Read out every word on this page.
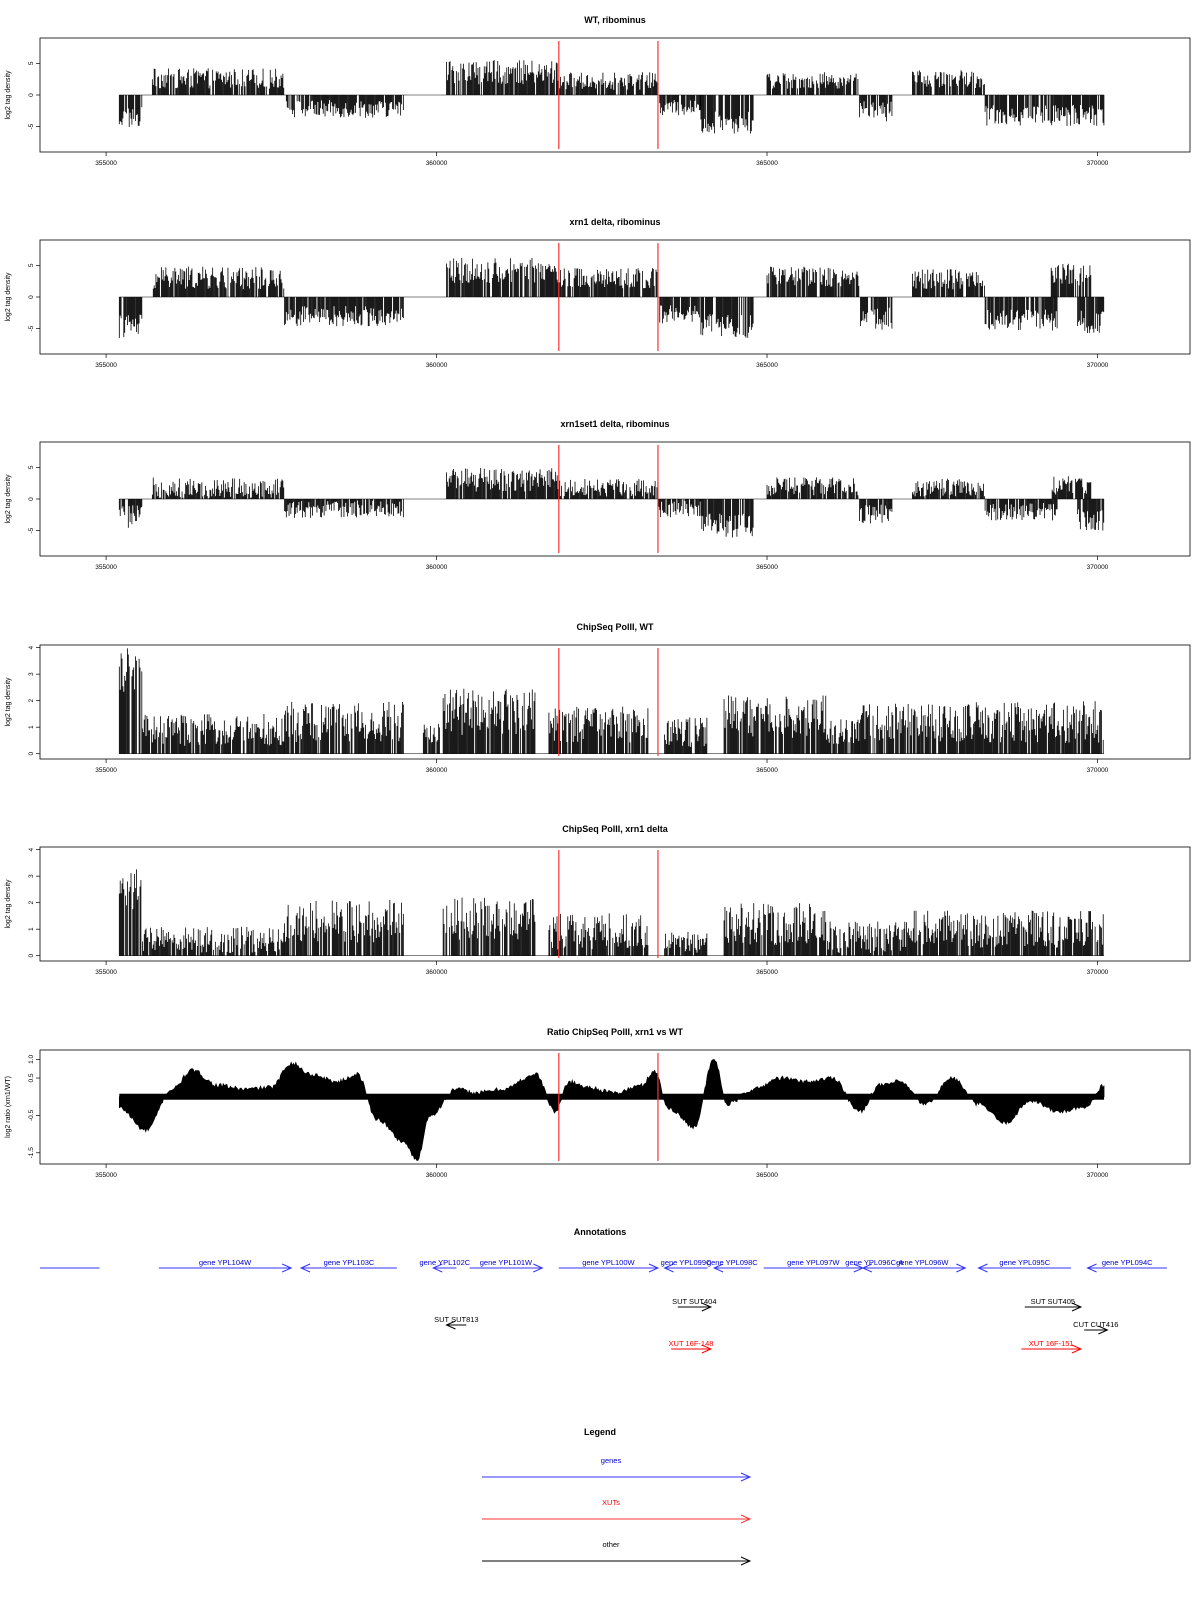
WT, ribominus
log2 tag density
-5
0
5
355000	360000	365000	370000
xrn1 delta, ribominus
log2 tag density
-5
0
5
355000	360000	365000	370000
xrn1set1 delta, ribominus
log2 tag density
-5
0
5
355000	360000	365000	370000
ChipSeq PolII, WT
log2 tag density
0
1
2
3
4
355000	360000	365000	370000
ChipSeq PolII, xrn1 delta
log2 tag density
0
1
2
3
4
355000	360000	365000	370000
Ratio ChipSeq PolII, xrn1 vs WT
log2 ratio (xrn1/WT)
-1.5
-0.5
0.5
1.0
355000	360000	365000	370000
Annotations
gene YPL104W	gene YPL103C	gene YPL102C gene YPL101W	gene YPL100W	gene YPL099C
gene YPL098C	gene YPL097W gene YPL096C-A
gene YPL096W	gene YPL095C	gene YPL094C
SUT SUT813
SUT SUT404	SUT SUT405
CUT CUT416
XUT 16F-148	XUT 16F-151
Legend
genes
XUTs
other
